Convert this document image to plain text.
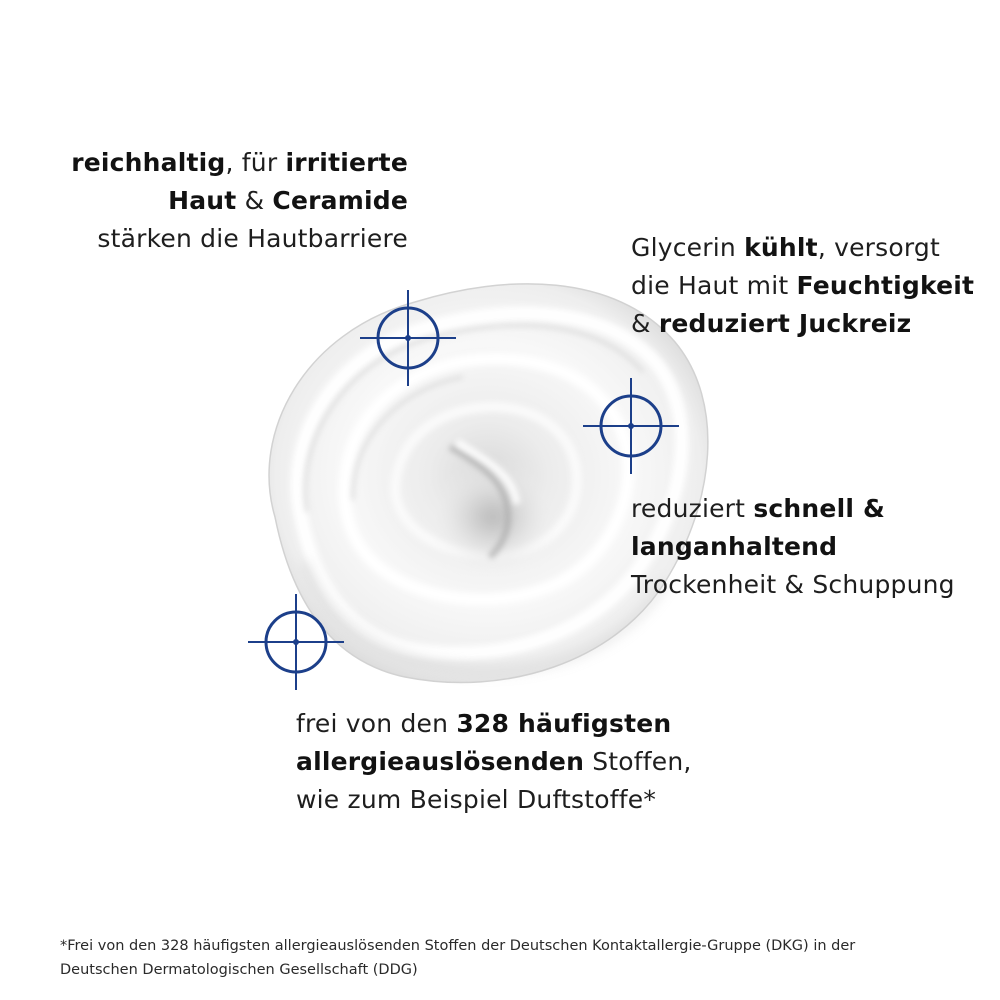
reichhaltig, für irritierte
Haut & Ceramide
stärken die Hautbarriere	Glycerin kühlt, versorgt
die Haut mit Feuchtigkeit
& reduziert Juckreiz
reduziert schnell &
langanhaltend
Trockenheit & Schuppung
frei von den 328 häufigsten
allergieauslösenden Stoffen,
wie zum Beispiel Duftstoffe*
*Frei von den 328 häufigsten allergieauslösenden Stoffen der Deutschen Kontaktallergie-Gruppe (DKG) in der
Deutschen Dermatologischen Gesellschaft (DDG)
